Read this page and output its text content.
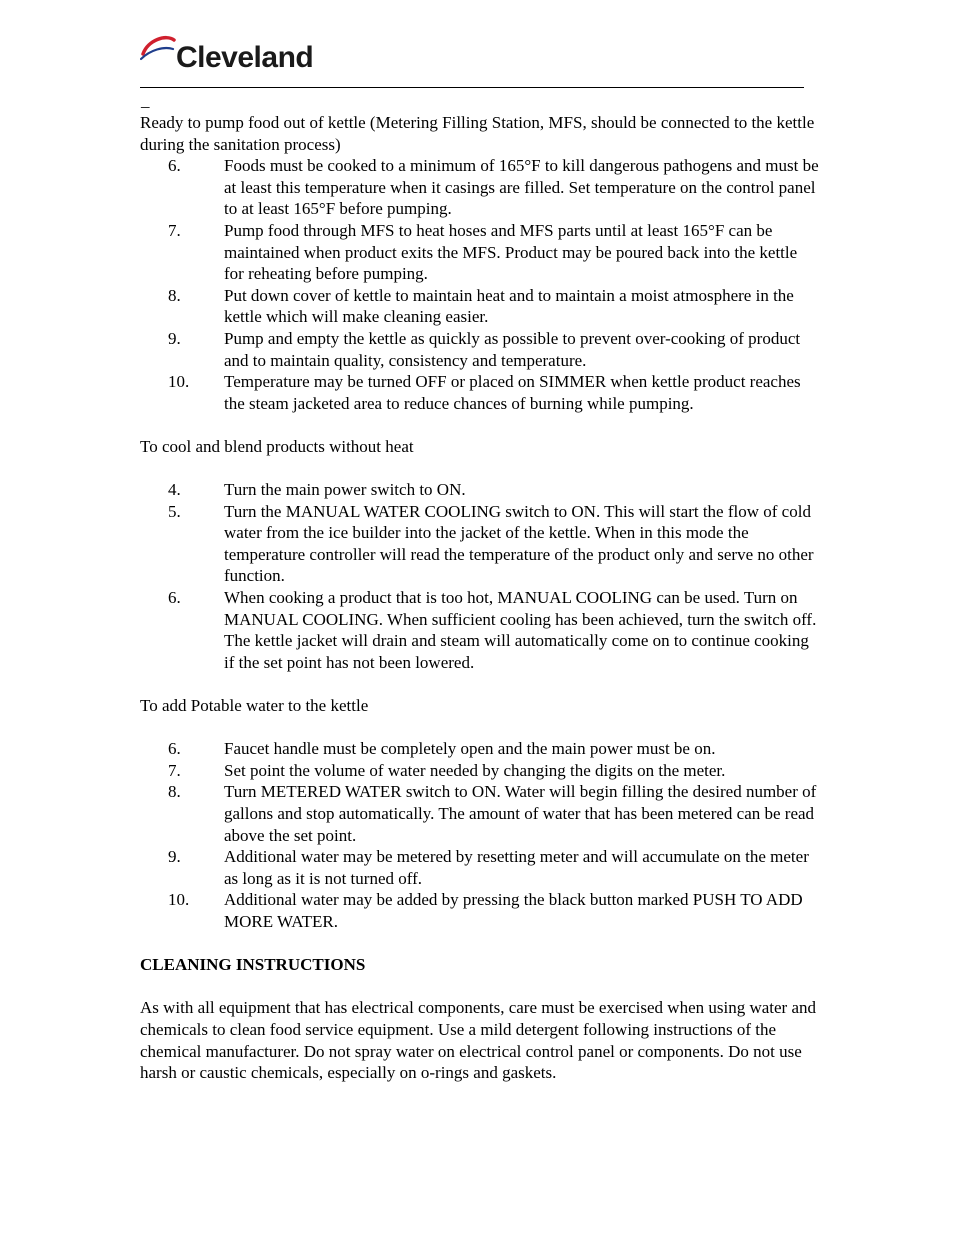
Cleveland
_

Ready to pump food out of kettle (Metering Filling Station, MFS, should be connected to the kettle during the sanitation process)

6.	Foods must be cooked to a minimum of 165°F to kill dangerous pathogens and must be at least this temperature when it casings are filled. Set temperature on the control panel to at least 165°F before pumping.
7.	Pump food through MFS to heat hoses and MFS parts until at least 165°F can be maintained when product exits the MFS. Product may be poured back into the kettle for reheating before pumping.
8.	Put down cover of kettle to maintain heat and to maintain a moist atmosphere in the kettle which will make cleaning easier.
9.	Pump and empty the kettle as quickly as possible to prevent over-cooking of product and to maintain quality, consistency and temperature.
10. Temperature may be turned OFF or placed on SIMMER when kettle product reaches the steam jacketed area to reduce chances of burning while pumping.

To cool and blend products without heat

4.	Turn the main power switch to ON.
5.	Turn the MANUAL WATER COOLING switch to ON. This will start the flow of cold water from the ice builder into the jacket of the kettle. When in this mode the temperature controller will read the temperature of the product only and serve no other function.
6.	When cooking a product that is too hot, MANUAL COOLING can be used. Turn on MANUAL COOLING. When sufficient cooling has been achieved, turn the switch off. The kettle jacket will drain and steam will automatically come on to continue cooking if the set point has not been lowered.

To add Potable water to the kettle

6.	Faucet handle must be completely open and the main power must be on.
7.	Set point the volume of water needed by changing the digits on the meter.
8.	Turn METERED WATER switch to ON. Water will begin filling the desired number of gallons and stop automatically. The amount of water that has been metered can be read above the set point.
9.	Additional water may be metered by resetting meter and will accumulate on the meter as long as it is not turned off.
10. Additional water may be added by pressing the black button marked PUSH TO ADD MORE WATER.

CLEANING INSTRUCTIONS

As with all equipment that has electrical components, care must be exercised when using water and chemicals to clean food service equipment. Use a mild detergent following instructions of the chemical manufacturer. Do not spray water on electrical control panel or components. Do not use harsh or caustic chemicals, especially on o-rings and gaskets.
